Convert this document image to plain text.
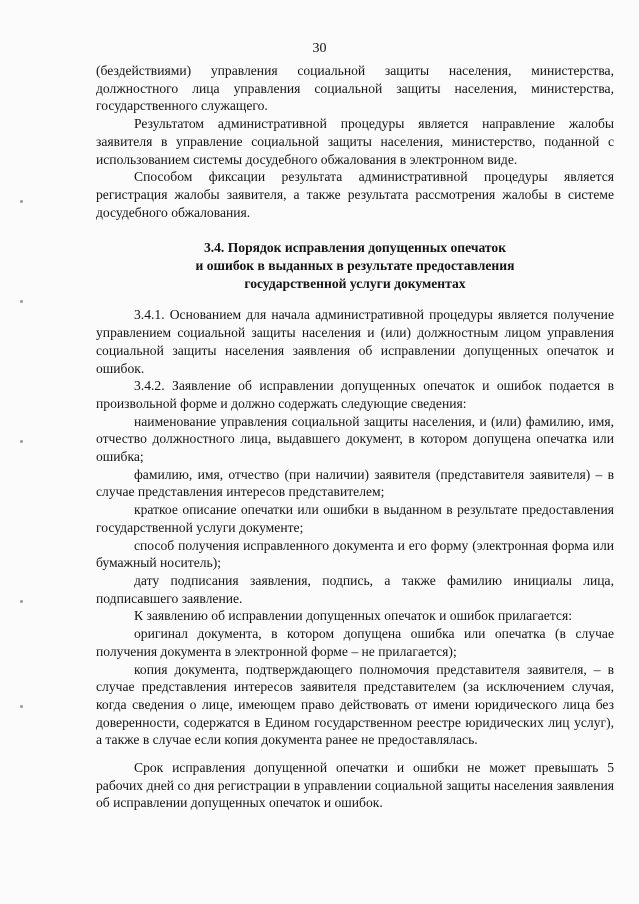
30

(бездействиями) управления социальной защиты населения, министерства, должностного лица управления социальной защиты населения, министерства, государственного служащего.

Результатом административной процедуры является направление жалобы заявителя в управление социальной защиты населения, министерство, поданной с использованием системы досудебного обжалования в электронном виде.

Способом фиксации результата административной процедуры является регистрация жалобы заявителя, а также результата рассмотрения жалобы в системе досудебного обжалования.

3.4. Порядок исправления допущенных опечаток
и ошибок в выданных в результате предоставления
государственной услуги документах

3.4.1. Основанием для начала административной процедуры является получение управлением социальной защиты населения и (или) должностным лицом управления социальной защиты населения заявления об исправлении допущенных опечаток и ошибок.

3.4.2. Заявление об исправлении допущенных опечаток и ошибок подается в произвольной форме и должно содержать следующие сведения:

наименование управления социальной защиты населения, и (или) фамилию, имя, отчество должностного лица, выдавшего документ, в котором допущена опечатка или ошибка;

фамилию, имя, отчество (при наличии) заявителя (представителя заявителя) – в случае представления интересов представителем;

краткое описание опечатки или ошибки в выданном в результате предоставления государственной услуги документе;

способ получения исправленного документа и его форму (электронная форма или бумажный носитель);

дату подписания заявления, подпись, а также фамилию инициалы лица, подписавшего заявление.

К заявлению об исправлении допущенных опечаток и ошибок прилагается:

оригинал документа, в котором допущена ошибка или опечатка (в случае получения документа в электронной форме – не прилагается);

копия документа, подтверждающего полномочия представителя заявителя, – в случае представления интересов заявителя представителем (за исключением случая, когда сведения о лице, имеющем право действовать от имени юридического лица без доверенности, содержатся в Едином государственном реестре юридических лиц услуг), а также в случае если копия документа ранее не предоставлялась.

Срок исправления допущенной опечатки и ошибки не может превышать 5 рабочих дней со дня регистрации в управлении социальной защиты населения заявления об исправлении допущенных опечаток и ошибок.
